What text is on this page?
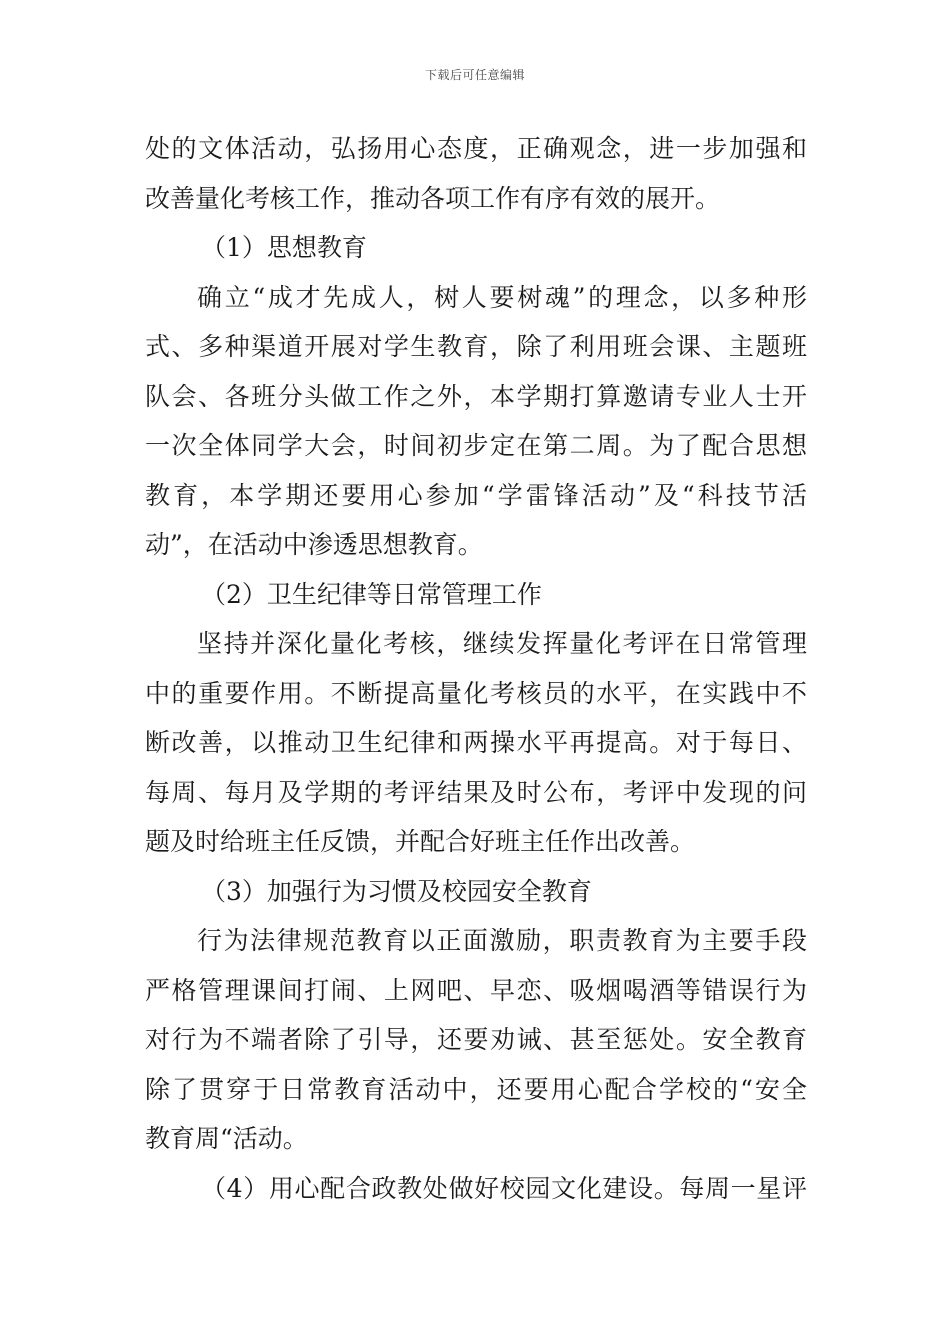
下载后可任意编辑
处的文体活动，弘扬用心态度，正确观念，进一步加强和
改善量化考核工作，推动各项工作有序有效的展开。
（1）思想教育
确立“成才先成人，树人要树魂”的理念，以多种形
式、多种渠道开展对学生教育，除了利用班会课、主题班
队会、各班分头做工作之外，本学期打算邀请专业人士开
一次全体同学大会，时间初步定在第二周。为了配合思想
教育，本学期还要用心参加“学雷锋活动”及“科技节活
动”，在活动中渗透思想教育。
（2）卫生纪律等日常管理工作
坚持并深化量化考核，继续发挥量化考评在日常管理
中的重要作用。不断提高量化考核员的水平，在实践中不
断改善，以推动卫生纪律和两操水平再提高。对于每日、
每周、每月及学期的考评结果及时公布，考评中发现的问
题及时给班主任反馈，并配合好班主任作出改善。
（3）加强行为习惯及校园安全教育
行为法律规范教育以正面激励，职责教育为主要手段
严格管理课间打闹、上网吧、早恋、吸烟喝酒等错误行为
对行为不端者除了引导，还要劝诫、甚至惩处。安全教育
除了贯穿于日常教育活动中，还要用心配合学校的“安全
教育周“活动。
（4）用心配合政教处做好校园文化建设。每周一星评
